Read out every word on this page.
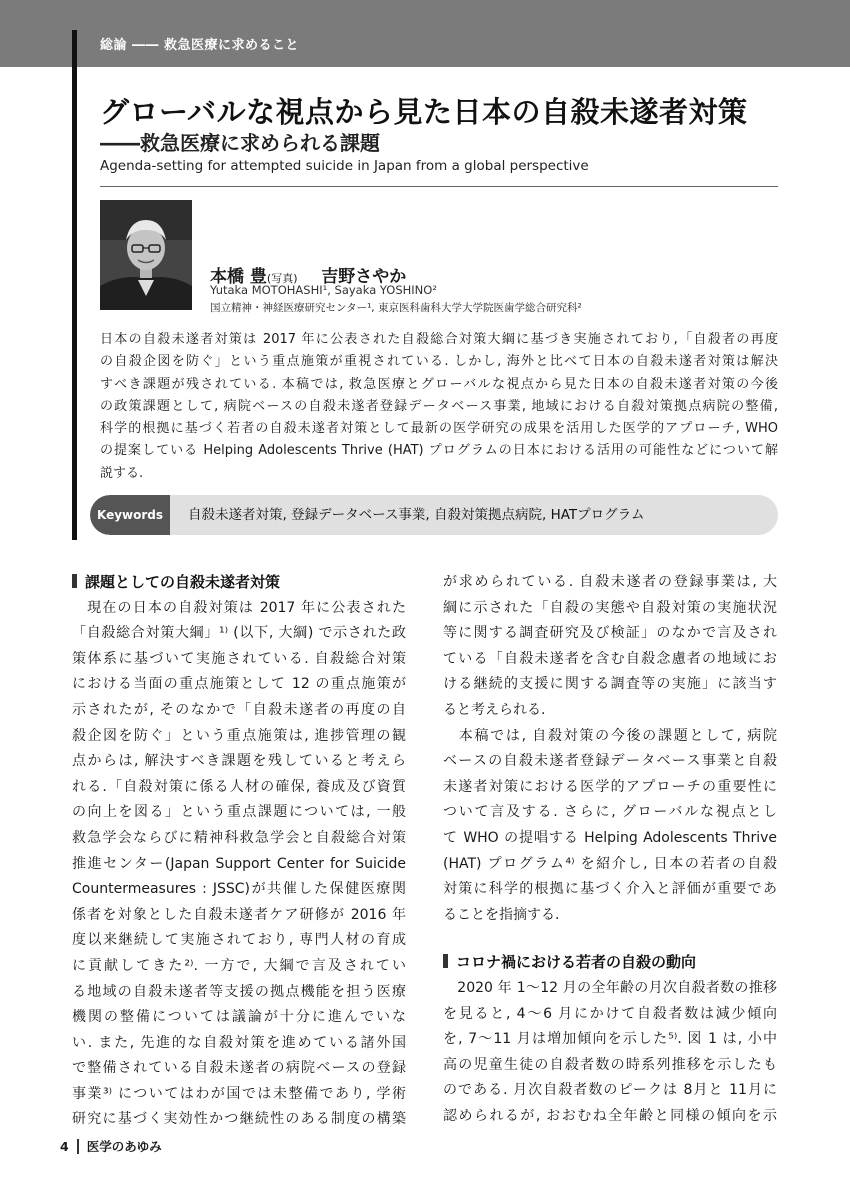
総論 ―― 救急医療に求めること
グローバルな視点から見た日本の自殺未遂者対策
――救急医療に求められる課題
Agenda-setting for attempted suicide in Japan from a global perspective
本橋 豊(写真) 吉野さやか
Yutaka MOTOHASHI¹, Sayaka YOSHINO²
国立精神・神経医療研究センター¹, 東京医科歯科大学大学院医歯学総合研究科²
日本の自殺未遂者対策は 2017 年に公表された自殺総合対策大綱に基づき実施されており,「自殺者の再度
の自殺企図を防ぐ」という重点施策が重視されている. しかし, 海外と比べて日本の自殺未遂者対策は解決
すべき課題が残されている. 本稿では, 救急医療とグローバルな視点から見た日本の自殺未遂者対策の今後
の政策課題として, 病院ベースの自殺未遂者登録データベース事業, 地域における自殺対策拠点病院の整備,
科学的根拠に基づく若者の自殺未遂者対策として最新の医学研究の成果を活用した医学的アプローチ, WHO
の提案している Helping Adolescents Thrive (HAT) プログラムの日本における活用の可能性などについて解
説する.
Keywords	自殺未遂者対策, 登録データベース事業, 自殺対策拠点病院, HATプログラム
課題としての自殺未遂者対策
　現在の日本の自殺対策は 2017 年に公表された
「自殺総合対策大綱」¹⁾ (以下, 大綱) で示された政
策体系に基づいて実施されている. 自殺総合対策
における当面の重点施策として 12 の重点施策が
示されたが, そのなかで「自殺未遂者の再度の自
殺企図を防ぐ」という重点施策は, 進捗管理の観
点からは, 解決すべき課題を残していると考えら
れる.「自殺対策に係る人材の確保, 養成及び資質
の向上を図る」という重点課題については, 一般
救急学会ならびに精神科救急学会と自殺総合対策
推進センター(Japan Support Center for Suicide
Countermeasures : JSSC)が共催した保健医療関
係者を対象とした自殺未遂者ケア研修が 2016 年
度以来継続して実施されており, 専門人材の育成
に貢献してきた²⁾. 一方で, 大綱で言及されてい
る地域の自殺未遂者等支援の拠点機能を担う医療
機関の整備については議論が十分に進んでいな
い. また, 先進的な自殺対策を進めている諸外国
で整備されている自殺未遂者の病院ベースの登録
事業³⁾ についてはわが国では未整備であり, 学術
研究に基づく実効性かつ継続性のある制度の構築
が求められている. 自殺未遂者の登録事業は, 大
綱に示された「自殺の実態や自殺対策の実施状況
等に関する調査研究及び検証」のなかで言及され
ている「自殺未遂者を含む自殺念慮者の地域にお
ける継続的支援に関する調査等の実施」に該当す
ると考えられる.
　本稿では, 自殺対策の今後の課題として, 病院
ベースの自殺未遂者登録データベース事業と自殺
未遂者対策における医学的アプローチの重要性に
ついて言及する. さらに, グローバルな視点とし
て WHO の提唱する Helping Adolescents Thrive
(HAT) プログラム⁴⁾ を紹介し, 日本の若者の自殺
対策に科学的根拠に基づく介入と評価が重要であ
ることを指摘する.
コロナ禍における若者の自殺の動向
　2020 年 1〜12 月の全年齢の月次自殺者数の推移
を見ると, 4〜6 月にかけて自殺者数は減少傾向
を, 7〜11 月は増加傾向を示した⁵⁾. 図 1 は, 小中
高の児童生徒の自殺者数の時系列推移を示したも
のである. 月次自殺者数のピークは 8月と 11月に
認められるが, おおむね全年齢と同様の傾向を示
4 医学のあゆみ
